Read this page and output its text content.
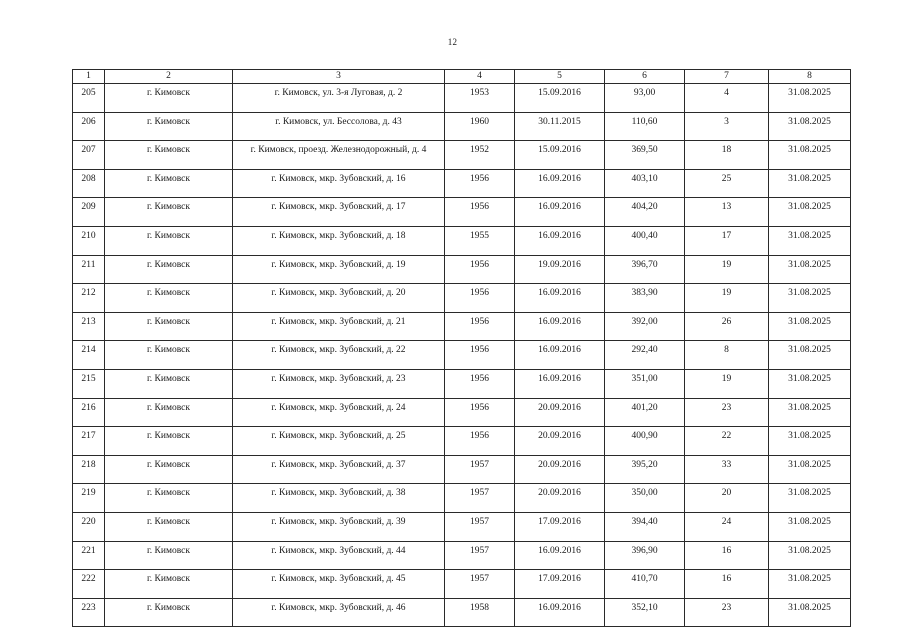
12
1	2	3	4	5	6	7	8
205	г. Кимовск	г. Кимовск, ул. 3-я Луговая, д. 2	1953	15.09.2016	93,00	4	31.08.2025
206	г. Кимовск	г. Кимовск, ул. Бессолова, д. 43	1960	30.11.2015	110,60	3	31.08.2025
207	г. Кимовск	г. Кимовск, проезд. Железнодорожный, д. 4	1952	15.09.2016	369,50	18	31.08.2025
208	г. Кимовск	г. Кимовск, мкр. Зубовский, д. 16	1956	16.09.2016	403,10	25	31.08.2025
209	г. Кимовск	г. Кимовск, мкр. Зубовский, д. 17	1956	16.09.2016	404,20	13	31.08.2025
210	г. Кимовск	г. Кимовск, мкр. Зубовский, д. 18	1955	16.09.2016	400,40	17	31.08.2025
211	г. Кимовск	г. Кимовск, мкр. Зубовский, д. 19	1956	19.09.2016	396,70	19	31.08.2025
212	г. Кимовск	г. Кимовск, мкр. Зубовский, д. 20	1956	16.09.2016	383,90	19	31.08.2025
213	г. Кимовск	г. Кимовск, мкр. Зубовский, д. 21	1956	16.09.2016	392,00	26	31.08.2025
214	г. Кимовск	г. Кимовск, мкр. Зубовский, д. 22	1956	16.09.2016	292,40	8	31.08.2025
215	г. Кимовск	г. Кимовск, мкр. Зубовский, д. 23	1956	16.09.2016	351,00	19	31.08.2025
216	г. Кимовск	г. Кимовск, мкр. Зубовский, д. 24	1956	20.09.2016	401,20	23	31.08.2025
217	г. Кимовск	г. Кимовск, мкр. Зубовский, д. 25	1956	20.09.2016	400,90	22	31.08.2025
218	г. Кимовск	г. Кимовск, мкр. Зубовский, д. 37	1957	20.09.2016	395,20	33	31.08.2025
219	г. Кимовск	г. Кимовск, мкр. Зубовский, д. 38	1957	20.09.2016	350,00	20	31.08.2025
220	г. Кимовск	г. Кимовск, мкр. Зубовский, д. 39	1957	17.09.2016	394,40	24	31.08.2025
221	г. Кимовск	г. Кимовск, мкр. Зубовский, д. 44	1957	16.09.2016	396,90	16	31.08.2025
222	г. Кимовск	г. Кимовск, мкр. Зубовский, д. 45	1957	17.09.2016	410,70	16	31.08.2025
223	г. Кимовск	г. Кимовск, мкр. Зубовский, д. 46	1958	16.09.2016	352,10	23	31.08.2025
